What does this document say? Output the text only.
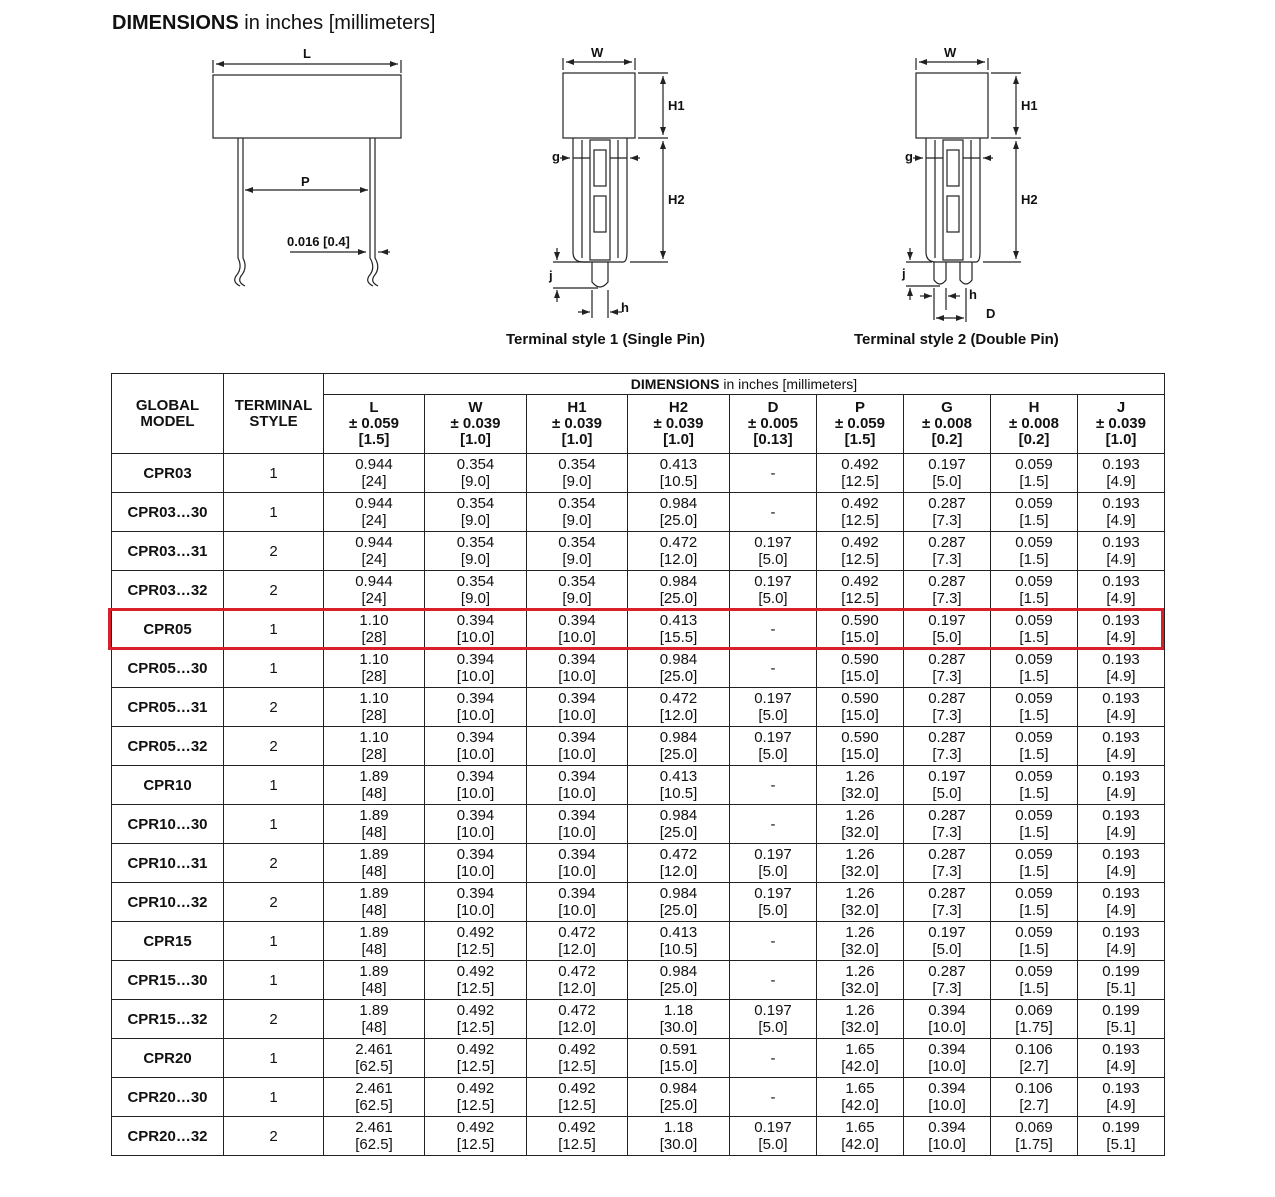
DIMENSIONS in inches [millimeters]
L
P
0.016 [0.4]
W
H1
H2
g
j
h
Terminal style 1 (Single Pin)
W
H1
H2
g
j
h
D
Terminal style 2 (Double Pin)
GLOBAL
MODEL	TERMINAL
STYLE	DIMENSIONS in inches [millimeters]								

		L
± 0.059
[1.5]	W
± 0.039
[1.0]	H1
± 0.039
[1.0]	H2
± 0.039
[1.0]	D
± 0.005
[0.13]	P
± 0.059
[1.5]	G
± 0.008
[0.2]	H
± 0.008
[0.2]	J
± 0.039
[1.0]

CPR03	1	0.944
[24]	0.354
[9.0]	0.354
[9.0]	0.413
[10.5]	-	0.492
[12.5]	0.197
[5.0]	0.059
[1.5]	0.193
[4.9]

CPR03…30	1	0.944
[24]	0.354
[9.0]	0.354
[9.0]	0.984
[25.0]	-	0.492
[12.5]	0.287
[7.3]	0.059
[1.5]	0.193
[4.9]

CPR03…31	2	0.944
[24]	0.354
[9.0]	0.354
[9.0]	0.472
[12.0]	0.197
[5.0]	0.492
[12.5]	0.287
[7.3]	0.059
[1.5]	0.193
[4.9]

CPR03…32	2	0.944
[24]	0.354
[9.0]	0.354
[9.0]	0.984
[25.0]	0.197
[5.0]	0.492
[12.5]	0.287
[7.3]	0.059
[1.5]	0.193
[4.9]

CPR05	1	1.10
[28]	0.394
[10.0]	0.394
[10.0]	0.413
[15.5]	-	0.590
[15.0]	0.197
[5.0]	0.059
[1.5]	0.193
[4.9]

CPR05…30	1	1.10
[28]	0.394
[10.0]	0.394
[10.0]	0.984
[25.0]	-	0.590
[15.0]	0.287
[7.3]	0.059
[1.5]	0.193
[4.9]

CPR05…31	2	1.10
[28]	0.394
[10.0]	0.394
[10.0]	0.472
[12.0]	0.197
[5.0]	0.590
[15.0]	0.287
[7.3]	0.059
[1.5]	0.193
[4.9]

CPR05…32	2	1.10
[28]	0.394
[10.0]	0.394
[10.0]	0.984
[25.0]	0.197
[5.0]	0.590
[15.0]	0.287
[7.3]	0.059
[1.5]	0.193
[4.9]

CPR10	1	1.89
[48]	0.394
[10.0]	0.394
[10.0]	0.413
[10.5]	-	1.26
[32.0]	0.197
[5.0]	0.059
[1.5]	0.193
[4.9]

CPR10…30	1	1.89
[48]	0.394
[10.0]	0.394
[10.0]	0.984
[25.0]	-	1.26
[32.0]	0.287
[7.3]	0.059
[1.5]	0.193
[4.9]

CPR10…31	2	1.89
[48]	0.394
[10.0]	0.394
[10.0]	0.472
[12.0]	0.197
[5.0]	1.26
[32.0]	0.287
[7.3]	0.059
[1.5]	0.193
[4.9]

CPR10…32	2	1.89
[48]	0.394
[10.0]	0.394
[10.0]	0.984
[25.0]	0.197
[5.0]	1.26
[32.0]	0.287
[7.3]	0.059
[1.5]	0.193
[4.9]

CPR15	1	1.89
[48]	0.492
[12.5]	0.472
[12.0]	0.413
[10.5]	-	1.26
[32.0]	0.197
[5.0]	0.059
[1.5]	0.193
[4.9]

CPR15…30	1	1.89
[48]	0.492
[12.5]	0.472
[12.0]	0.984
[25.0]	-	1.26
[32.0]	0.287
[7.3]	0.059
[1.5]	0.199
[5.1]

CPR15…32	2	1.89
[48]	0.492
[12.5]	0.472
[12.0]	1.18
[30.0]	0.197
[5.0]	1.26
[32.0]	0.394
[10.0]	0.069
[1.75]	0.199
[5.1]

CPR20	1	2.461
[62.5]	0.492
[12.5]	0.492
[12.5]	0.591
[15.0]	-	1.65
[42.0]	0.394
[10.0]	0.106
[2.7]	0.193
[4.9]

CPR20…30	1	2.461
[62.5]	0.492
[12.5]	0.492
[12.5]	0.984
[25.0]	-	1.65
[42.0]	0.394
[10.0]	0.106
[2.7]	0.193
[4.9]

CPR20…32	2	2.461
[62.5]	0.492
[12.5]	0.492
[12.5]	1.18
[30.0]	0.197
[5.0]	1.65
[42.0]	0.394
[10.0]	0.069
[1.75]	0.199
[5.1]
